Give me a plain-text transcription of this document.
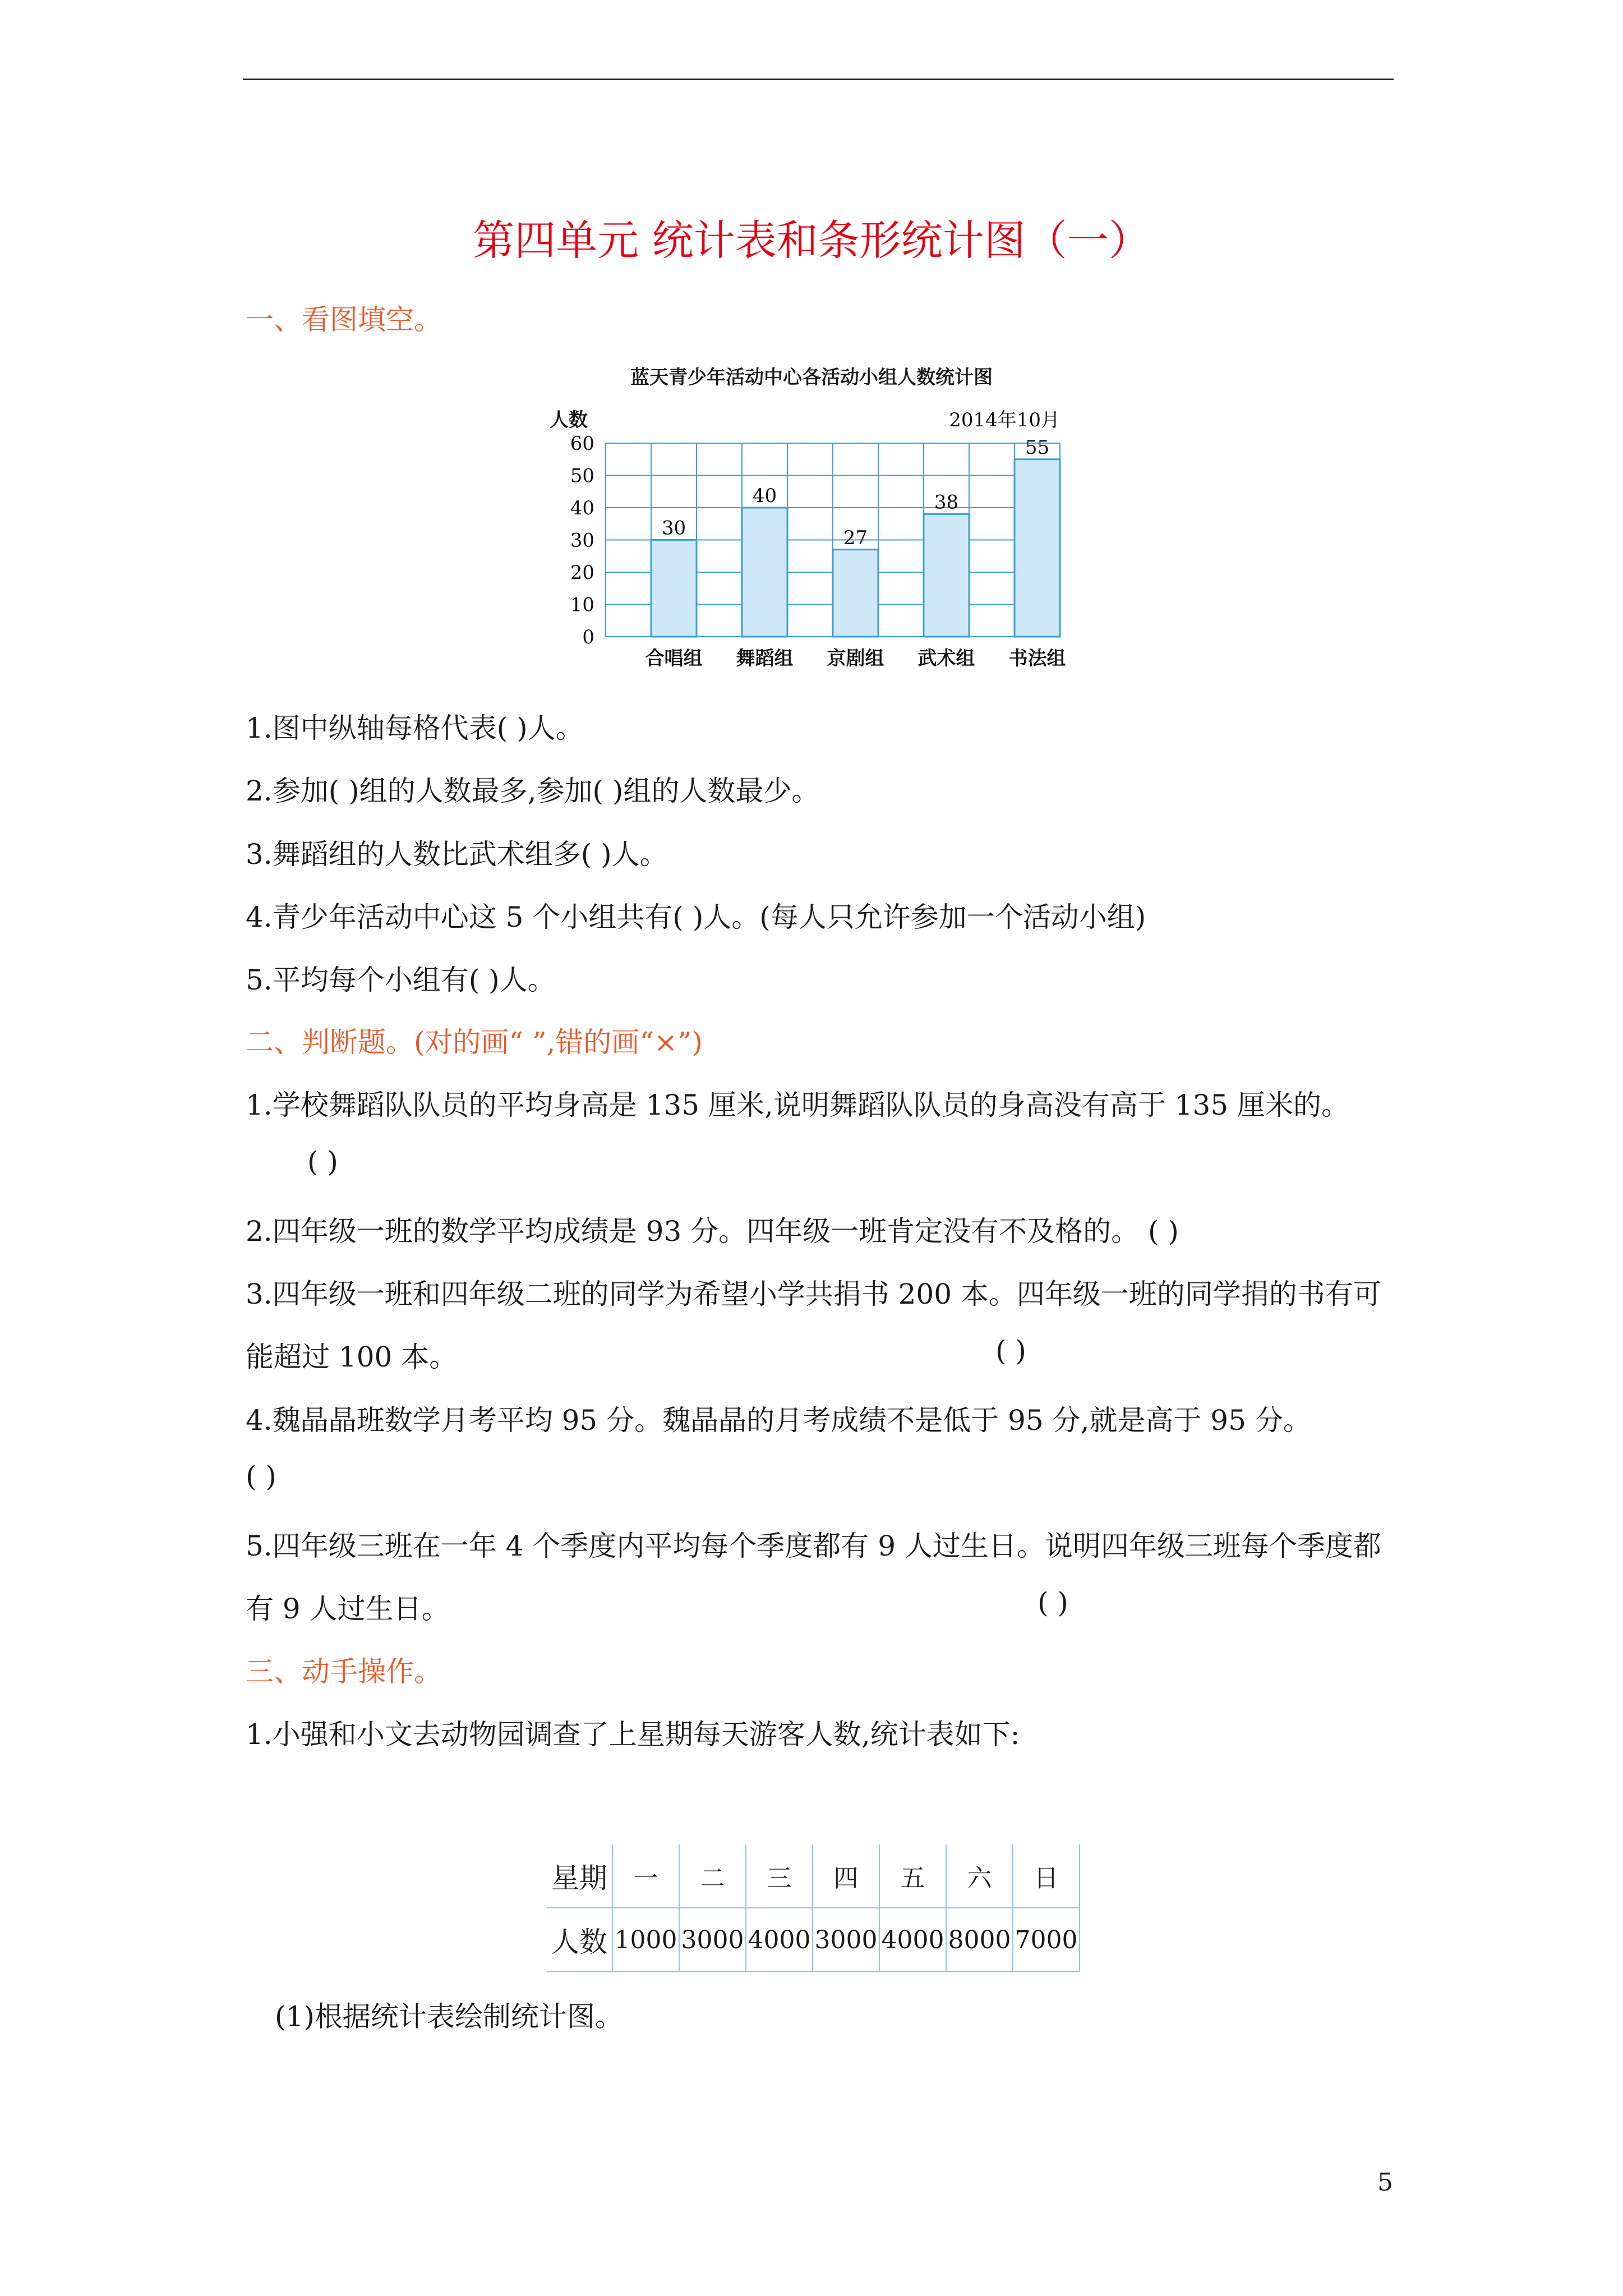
第四单元 统计表和条形统计图（一）
一、看图填空。
蓝天青少年活动中心各活动小组人数统计图
30
合唱组
40
舞蹈组
27
京剧组
38
武术组
55
书法组
0
10
20
30
40
50
60
人数	2014年10月
1.图中纵轴每格代表( )人。
2.参加( )组的人数最多,参加( )组的人数最少。
3.舞蹈组的人数比武术组多( )人。
4.青少年活动中心这 5 个小组共有( )人。(每人只允许参加一个活动小组)
5.平均每个小组有( )人。
二、判断题。(对的画“ ”,错的画“×”)
1.学校舞蹈队队员的平均身高是 135 厘米,说明舞蹈队队员的身高没有高于 135 厘米的。
( )
2.四年级一班的数学平均成绩是 93 分。四年级一班肯定没有不及格的。 ( )
3.四年级一班和四年级二班的同学为希望小学共捐书 200 本。四年级一班的同学捐的书有可
能超过 100 本。	( )
4.魏晶晶班数学月考平均 95 分。魏晶晶的月考成绩不是低于 95 分,就是高于 95 分。
( )
5.四年级三班在一年 4 个季度内平均每个季度都有 9 人过生日。说明四年级三班每个季度都
有 9 人过生日。	( )
三、动手操作。
1.小强和小文去动物园调查了上星期每天游客人数,统计表如下:
星期	一	二	三	四	五	六	日
人数	1000	3000	4000	3000	4000	8000	7000
(1)根据统计表绘制统计图。
5
